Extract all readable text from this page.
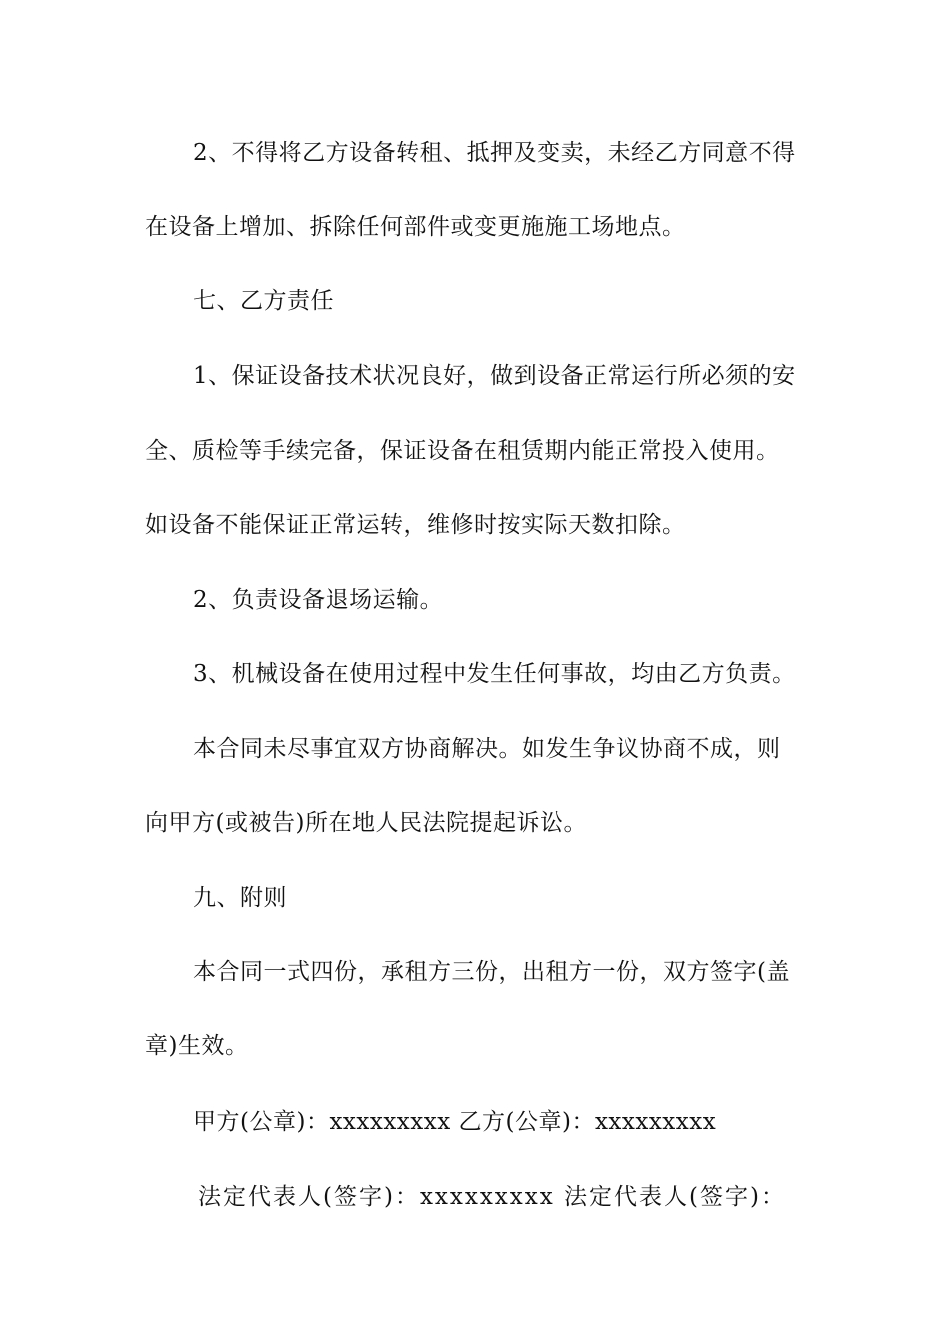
2、不得将乙方设备转租、抵押及变卖，未经乙方同意不得
在设备上增加、拆除任何部件或变更施施工场地点。
七、乙方责任
1、保证设备技术状况良好，做到设备正常运行所必须的安
全、质检等手续完备，保证设备在租赁期内能正常投入使用。
如设备不能保证正常运转，维修时按实际天数扣除。
2、负责设备退场运输。
3、机械设备在使用过程中发生任何事故，均由乙方负责。
本合同未尽事宜双方协商解决。如发生争议协商不成，则
向甲方(或被告)所在地人民法院提起诉讼。
九、附则
本合同一式四份，承租方三份，出租方一份，双方签字(盖
章)生效。
甲方(公章)：xxxxxxxxx 乙方(公章)：xxxxxxxxx
法定代表人(签字)：xxxxxxxxx 法定代表人(签字)：
